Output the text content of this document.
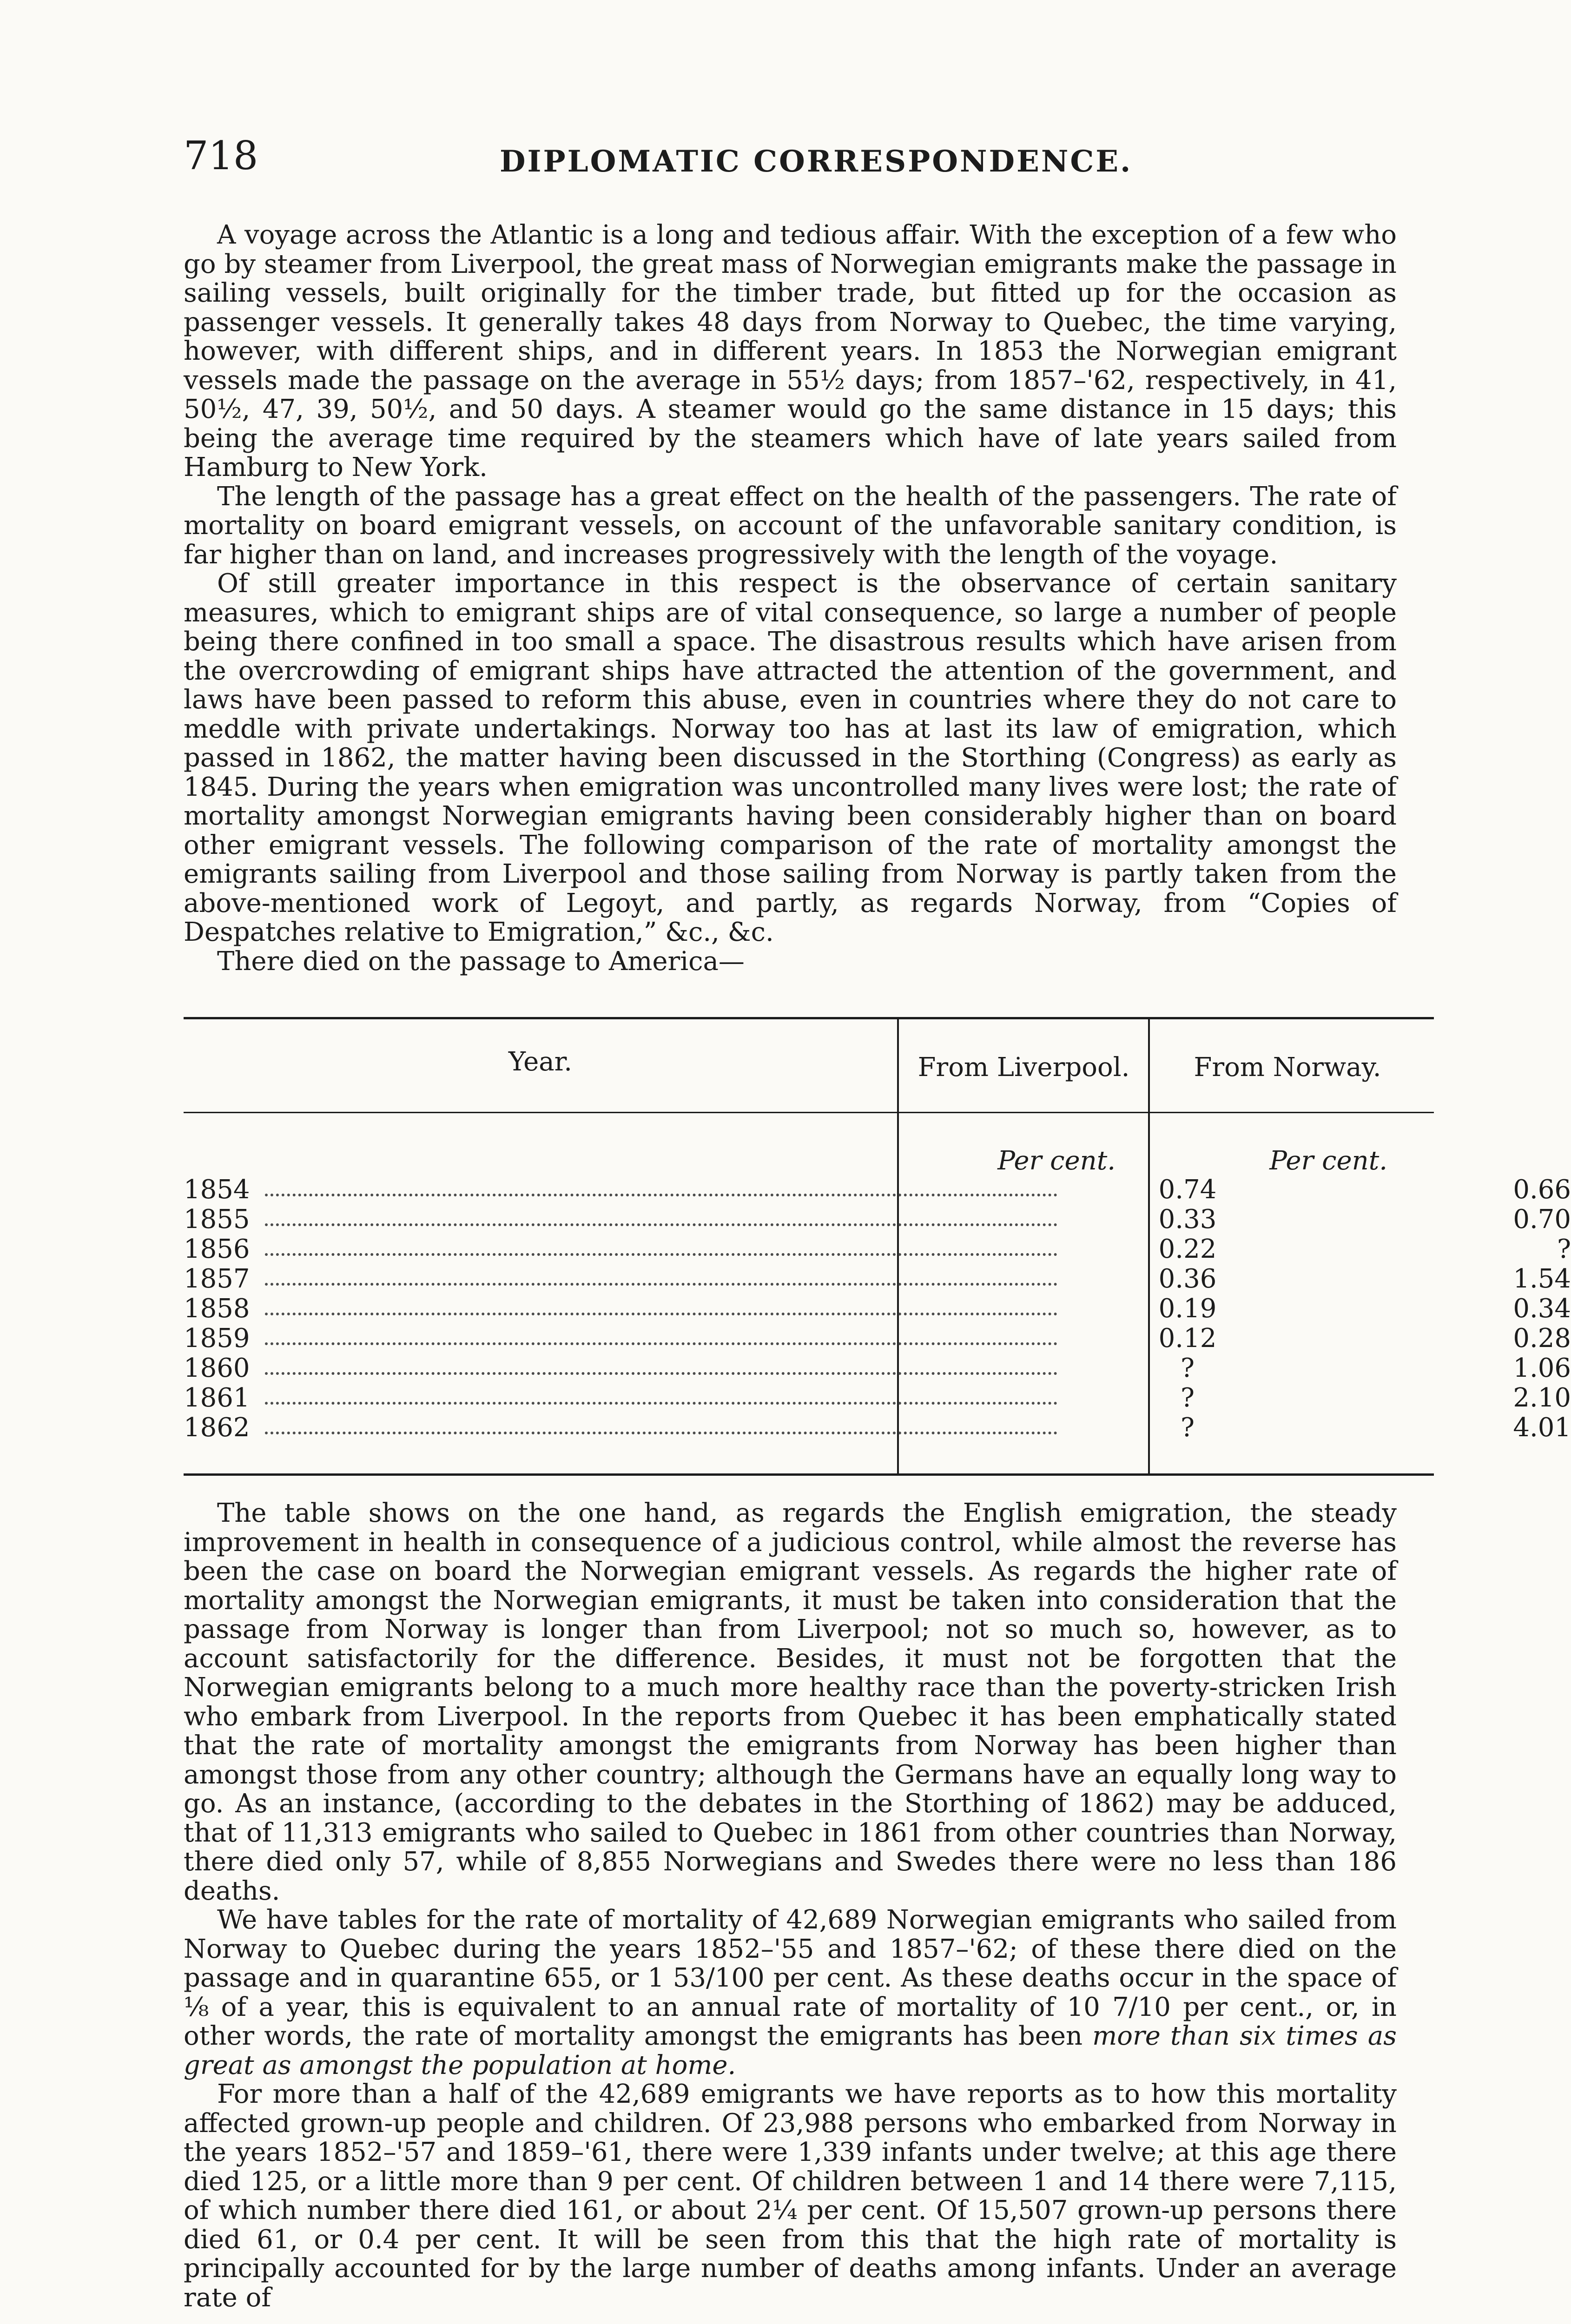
718	DIPLOMATIC CORRESPONDENCE.

A voyage across the Atlantic is a long and tedious affair. With the exception of a few who go by steamer from Liverpool, the great mass of Norwegian emigrants make the passage in sailing vessels, built originally for the timber trade, but fitted up for the occasion as passenger vessels. It generally takes 48 days from Norway to Quebec, the time varying, however, with different ships, and in different years. In 1853 the Norwegian emigrant vessels made the passage on the average in 55½ days; from 1857–'62, respectively, in 41, 50½, 47, 39, 50½, and 50 days. A steamer would go the same distance in 15 days; this being the average time required by the steamers which have of late years sailed from Hamburg to New York.

The length of the passage has a great effect on the health of the passengers. The rate of mortality on board emigrant vessels, on account of the unfavorable sanitary condition, is far higher than on land, and increases progressively with the length of the voyage.

Of still greater importance in this respect is the observance of certain sanitary measures, which to emigrant ships are of vital consequence, so large a number of people being there confined in too small a space. The disastrous results which have arisen from the overcrowding of emigrant ships have attracted the attention of the government, and laws have been passed to reform this abuse, even in countries where they do not care to meddle with private undertakings. Norway too has at last its law of emigration, which passed in 1862, the matter having been discussed in the Storthing (Congress) as early as 1845. During the years when emigration was uncontrolled many lives were lost; the rate of mortality amongst Norwegian emigrants having been considerably higher than on board other emigrant vessels. The following comparison of the rate of mortality amongst the emigrants sailing from Liverpool and those sailing from Norway is partly taken from the above-mentioned work of Legoyt, and partly, as regards Norway, from “Copies of Despatches relative to Emigration,” &c., &c.

There died on the passage to America—

Year.	From Liverpool.	From Norway.
Per cent.	Per cent.
1854	0.74	0.66
1855	0.33	0.70
1856	0.22	?
1857	0.36	1.54
1858	0.19	0.34
1859	0.12	0.28
1860	?	1.06
1861	?	2.10
1862	?	4.01

The table shows on the one hand, as regards the English emigration, the steady improvement in health in consequence of a judicious control, while almost the reverse has been the case on board the Norwegian emigrant vessels. As regards the higher rate of mortality amongst the Norwegian emigrants, it must be taken into consideration that the passage from Norway is longer than from Liverpool; not so much so, however, as to account satisfactorily for the difference. Besides, it must not be forgotten that the Norwegian emigrants belong to a much more healthy race than the poverty-stricken Irish who embark from Liverpool. In the reports from Quebec it has been emphatically stated that the rate of mortality amongst the emigrants from Norway has been higher than amongst those from any other country; although the Germans have an equally long way to go. As an instance, (according to the debates in the Storthing of 1862) may be adduced, that of 11,313 emigrants who sailed to Quebec in 1861 from other countries than Norway, there died only 57, while of 8,855 Norwegians and Swedes there were no less than 186 deaths.

We have tables for the rate of mortality of 42,689 Norwegian emigrants who sailed from Norway to Quebec during the years 1852–'55 and 1857–'62; of these there died on the passage and in quarantine 655, or 1 53/100 per cent. As these deaths occur in the space of ⅛ of a year, this is equivalent to an annual rate of mortality of 10 7/10 per cent., or, in other words, the rate of mortality amongst the emigrants has been more than six times as great as amongst the population at home.

For more than a half of the 42,689 emigrants we have reports as to how this mortality affected grown-up people and children. Of 23,988 persons who embarked from Norway in the years 1852–'57 and 1859–'61, there were 1,339 infants under twelve; at this age there died 125, or a little more than 9 per cent. Of children between 1 and 14 there were 7,115, of which number there died 161, or about 2¼ per cent. Of 15,507 grown-up persons there died 61, or 0.4 per cent. It will be seen from this that the high rate of mortality is principally accounted for by the large number of deaths among infants. Under an average rate of
